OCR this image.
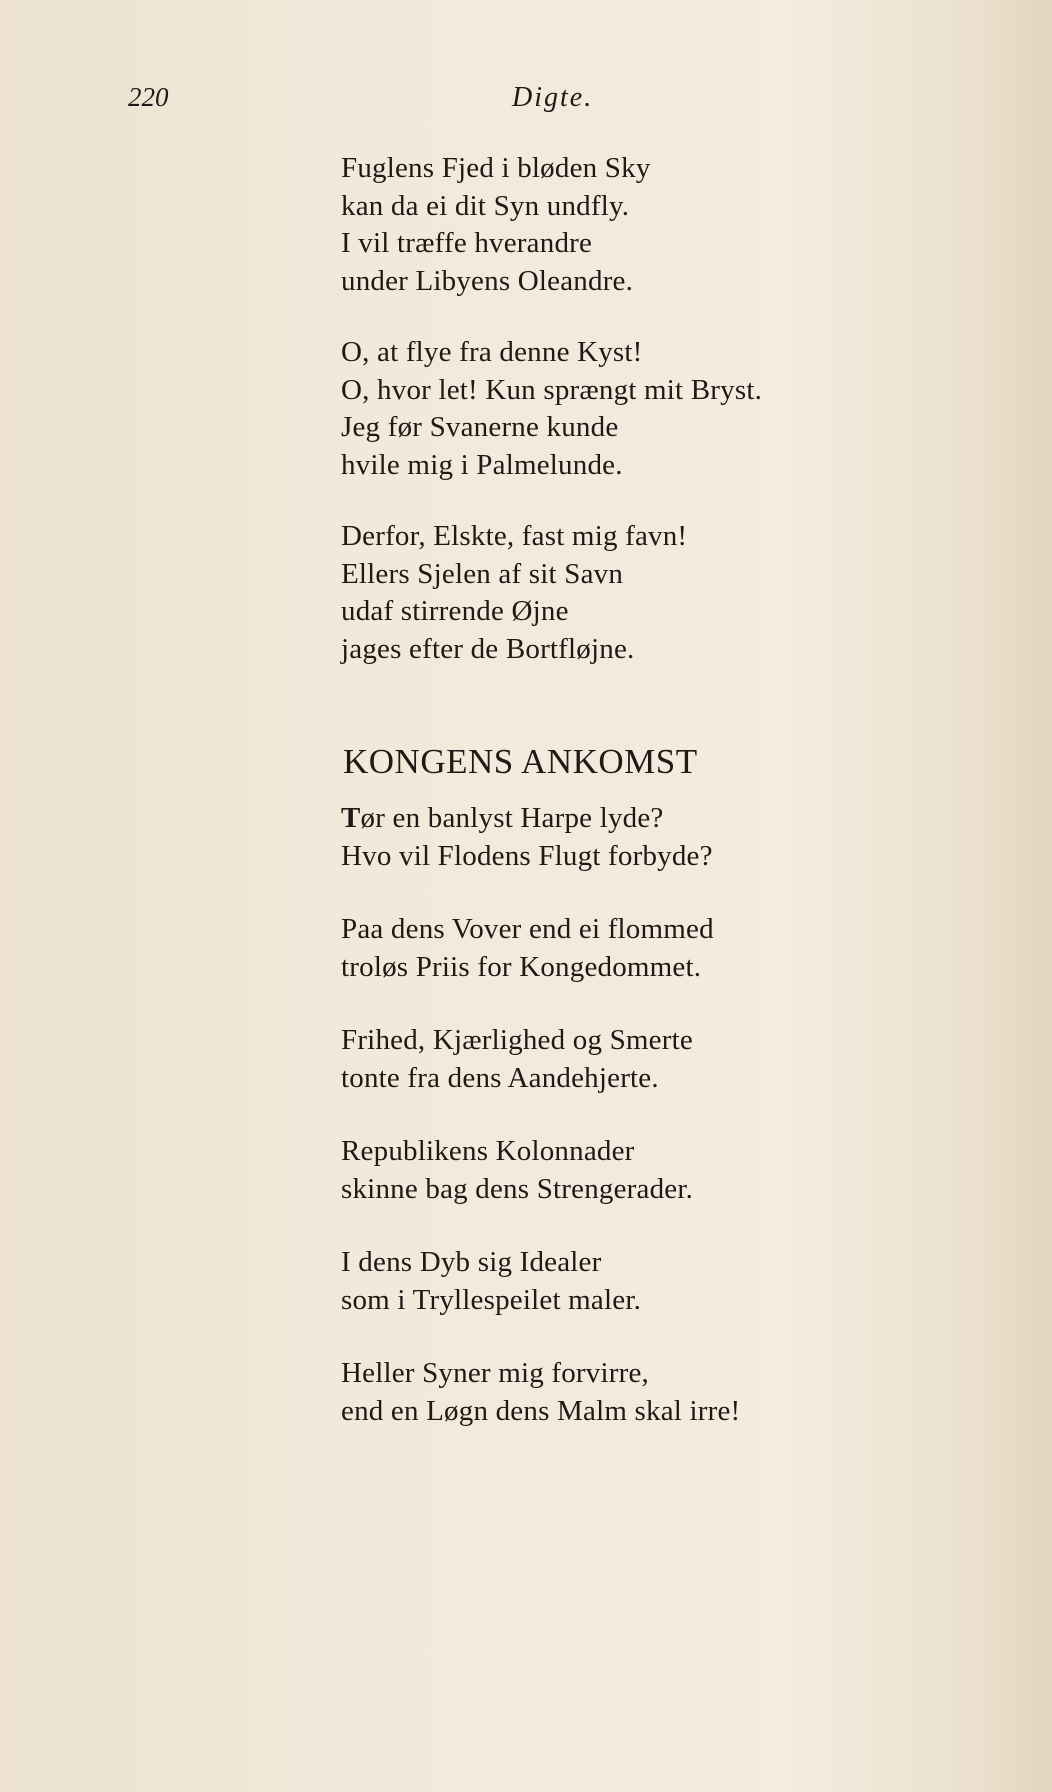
220	Digte.
Fuglens Fjed i bløden Sky
kan da ei dit Syn undfly.
I vil træffe hverandre
under Libyens Oleandre.
O, at flye fra denne Kyst!
O, hvor let! Kun sprængt mit Bryst.
Jeg før Svanerne kunde
hvile mig i Palmelunde.
Derfor, Elskte, fast mig favn!
Ellers Sjelen af sit Savn
udaf stirrende Øjne
jages efter de Bortfløjne.
KONGENS ANKOMST
Tør en banlyst Harpe lyde?
Hvo vil Flodens Flugt forbyde?
Paa dens Vover end ei flommed
troløs Priis for Kongedommet.
Frihed, Kjærlighed og Smerte
tonte fra dens Aandehjerte.
Republikens Kolonnader
skinne bag dens Strengerader.
I dens Dyb sig Idealer
som i Tryllespeilet maler.
Heller Syner mig forvirre,
end en Løgn dens Malm skal irre!
